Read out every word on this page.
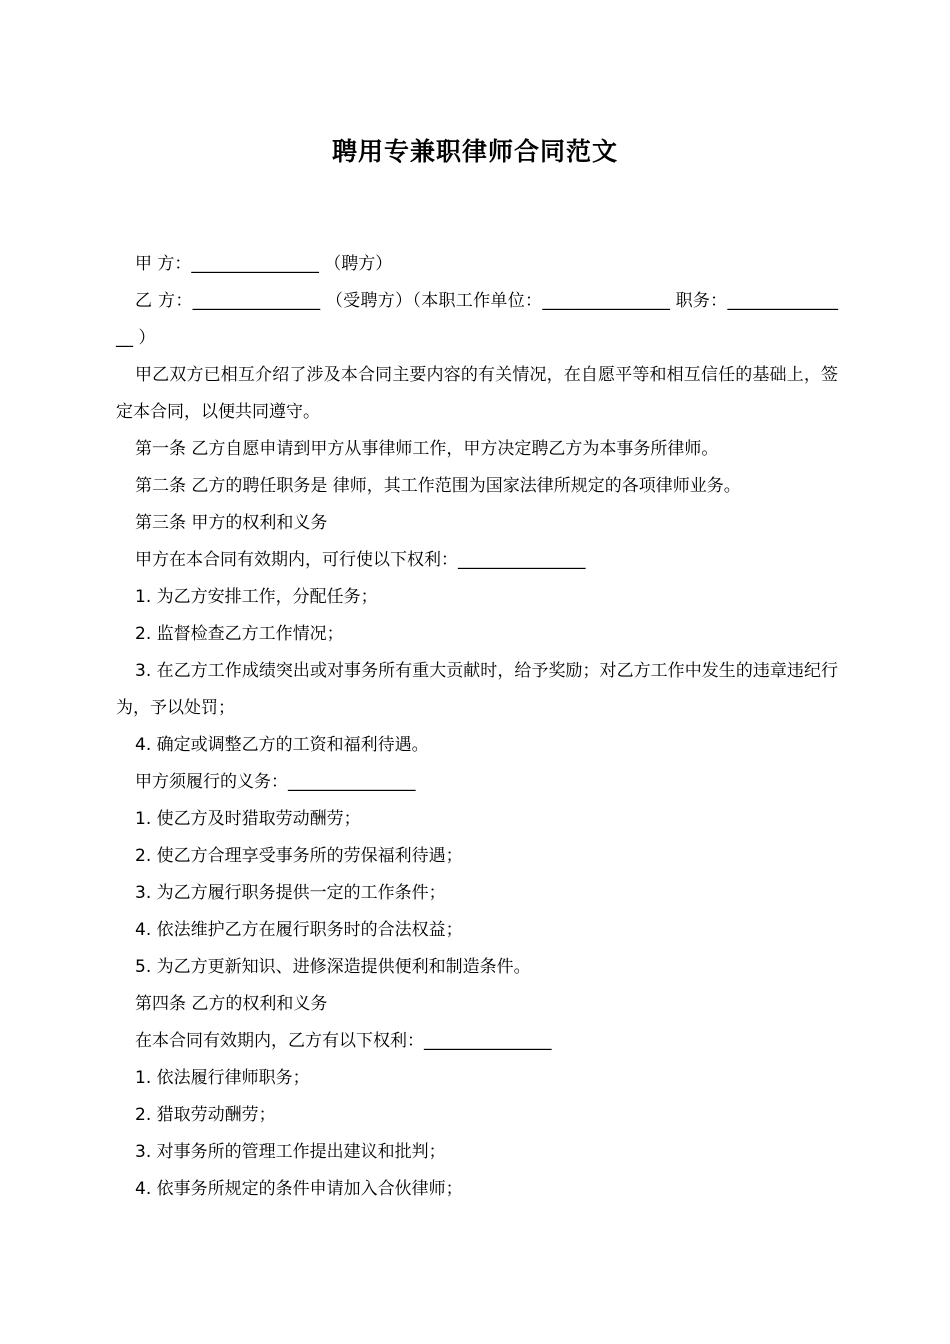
聘用专兼职律师合同范文

甲 方：_______________ （聘方）

乙 方：_______________ （受聘方）（本职工作单位：_______________ 职务：_______________ ）

甲乙双方已相互介绍了涉及本合同主要内容的有关情况，在自愿平等和相互信任的基础上，签定本合同，以便共同遵守。

第一条 乙方自愿申请到甲方从事律师工作，甲方决定聘乙方为本事务所律师。

第二条 乙方的聘任职务是 律师，其工作范围为国家法律所规定的各项律师业务。

第三条 甲方的权利和义务

甲方在本合同有效期内，可行使以下权利：_______________

1. 为乙方安排工作，分配任务；

2. 监督检查乙方工作情况；

3. 在乙方工作成绩突出或对事务所有重大贡献时，给予奖励；对乙方工作中发生的违章违纪行为，予以处罚；

4. 确定或调整乙方的工资和福利待遇。

甲方须履行的义务：_______________

1. 使乙方及时猎取劳动酬劳；

2. 使乙方合理享受事务所的劳保福利待遇；

3. 为乙方履行职务提供一定的工作条件；

4. 依法维护乙方在履行职务时的合法权益；

5. 为乙方更新知识、进修深造提供便利和制造条件。

第四条 乙方的权利和义务

在本合同有效期内，乙方有以下权利：_______________

1. 依法履行律师职务；

2. 猎取劳动酬劳；

3. 对事务所的管理工作提出建议和批判；

4. 依事务所规定的条件申请加入合伙律师；
